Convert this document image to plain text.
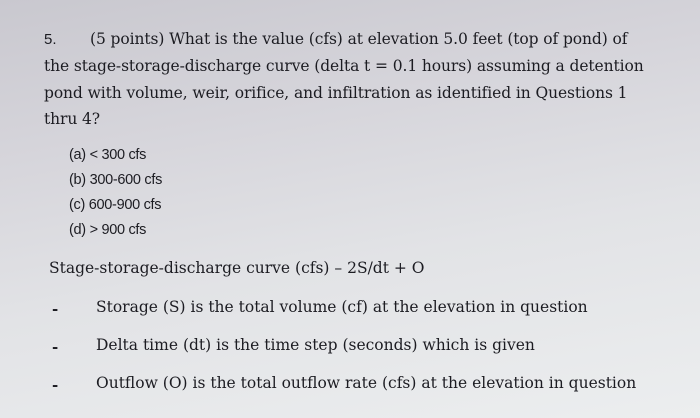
5. (5 points) What is the value (cfs) at elevation 5.0 feet (top of pond) of
the stage-storage-discharge curve (delta t = 0.1 hours) assuming a detention
pond with volume, weir, orifice, and infiltration as identified in Questions 1
thru 4?
(a) < 300 cfs
(b) 300-600 cfs
(c) 600-900 cfs
(d) > 900 cfs
Stage-storage-discharge curve (cfs) – 2S/dt + O
- Storage (S) is the total volume (cf) at the elevation in question
- Delta time (dt) is the time step (seconds) which is given
- Outflow (O) is the total outflow rate (cfs) at the elevation in question
